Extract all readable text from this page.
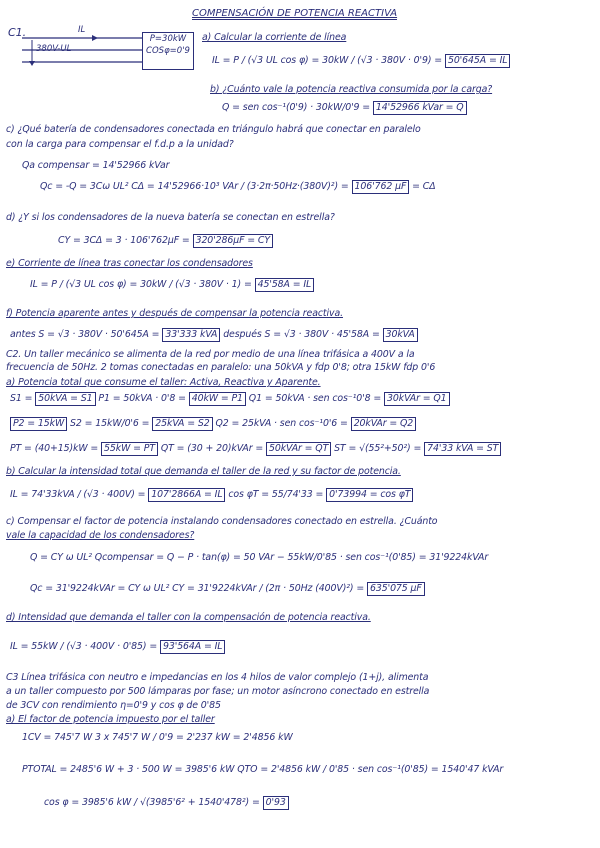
COMPENSACIÓN DE POTENCIA REACTIVA
C1.	IL
380V-UL
P=30kW
COSφ=0'9
a) Calcular la corriente de línea
IL = P / (√3 UL cos φ) = 30kW / (√3 · 380V · 0'9) = 50'645A = IL
b) ¿Cuánto vale la potencia reactiva consumida por la carga?
Q = sen cos⁻¹(0'9) · 30kW/0'9 = 14'52966 kVar = Q
c) ¿Qué batería de condensadores conectada en triángulo habrá que conectar en paralelo
con la carga para compensar el f.d.p a la unidad?
Qa compensar = 14'52966 kVar
Qc = -Q = 3Cω UL² CΔ = 14'52966·10³ VAr / (3·2π·50Hz·(380V)²) = 106'762 μF = CΔ
d) ¿Y si los condensadores de la nueva batería se conectan en estrella?
CY = 3CΔ = 3 · 106'762μF = 320'286μF = CY
e) Corriente de línea tras conectar los condensadores
IL = P / (√3 UL cos φ) = 30kW / (√3 · 380V · 1) = 45'58A = IL
f) Potencia aparente antes y después de compensar la potencia reactiva.
antes S = √3 · 380V · 50'645A = 33'333 kVA después S = √3 · 380V · 45'58A = 30kVA
C2. Un taller mecánico se alimenta de la red por medio de una línea trifásica a 400V a la
frecuencia de 50Hz. 2 tomas conectadas en paralelo: una 50kVA y fdp 0'8; otra 15kW fdp 0'6
a) Potencia total que consume el taller: Activa, Reactiva y Aparente.
S1 = 50kVA = S1 P1 = 50kVA · 0'8 = 40kW = P1 Q1 = 50kVA · sen cos⁻¹0'8 = 30kVAr = Q1
P2 = 15kW S2 = 15kW/0'6 = 25kVA = S2 Q2 = 25kVA · sen cos⁻¹0'6 = 20kVAr = Q2
PT = (40+15)kW = 55kW = PT QT = (30 + 20)kVAr = 50kVAr = QT ST = √(55²+50²) = 74'33 kVA = ST
b) Calcular la intensidad total que demanda el taller de la red y su factor de potencia.
IL = 74'33kVA / (√3 · 400V) = 107'2866A = IL cos φT = 55/74'33 = 0'73994 = cos φT
c) Compensar el factor de potencia instalando condensadores conectado en estrella. ¿Cuánto
vale la capacidad de los condensadores?
Q = CY ω UL² Qcompensar = Q − P · tan(φ) = 50 VAr − 55kW/0'85 · sen cos⁻¹(0'85) = 31'9224kVAr
Qc = 31'9224kVAr = CY ω UL² CY = 31'9224kVAr / (2π · 50Hz (400V)²) = 635'075 μF
d) Intensidad que demanda el taller con la compensación de potencia reactiva.
IL = 55kW / (√3 · 400V · 0'85) = 93'564A = IL
C3 Línea trifásica con neutro e impedancias en los 4 hilos de valor complejo (1+j), alimenta
a un taller compuesto por 500 lámparas por fase; un motor asíncrono conectado en estrella
de 3CV con rendimiento η=0'9 y cos φ de 0'85
a) El factor de potencia impuesto por el taller
1CV = 745'7 W 3 x 745'7 W / 0'9 = 2'237 kW = 2'4856 kW
PTOTAL = 2485'6 W + 3 · 500 W = 3985'6 kW QTO = 2'4856 kW / 0'85 · sen cos⁻¹(0'85) = 1540'47 kVAr
cos φ = 3985'6 kW / √(3985'6² + 1540'478²) = 0'93
